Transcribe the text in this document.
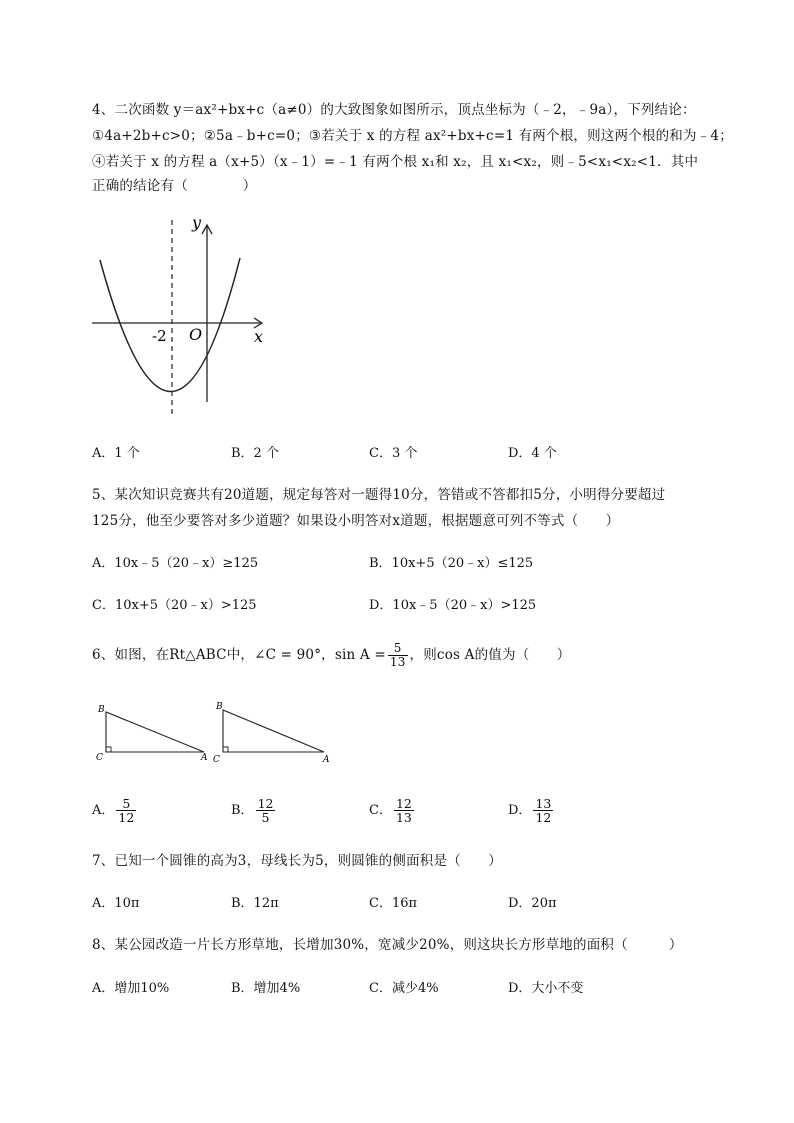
4、二次函数 y＝ax²+bx+c（a≠0）的大致图象如图所示，顶点坐标为（﹣2，﹣9a），下列结论：
①4a+2b+c>0；②5a﹣b+c=0；③若关于 x 的方程 ax²+bx+c=1 有两个根，则这两个根的和为﹣4；
④若关于 x 的方程 a（x+5）（x﹣1）=﹣1 有两个根 x₁和 x₂，且 x₁<x₂，则﹣5<x₁<x₂<1．其中
正确的结论有（　　　　）
y
x
O
-2
A．1 个	B．2 个	C．3 个	D．4 个
5、某次知识竞赛共有20道题，规定每答对一题得10分，答错或不答都扣5分，小明得分要超过
125分，他至少要答对多少道题？如果设小明答对x道题，根据题意可列不等式（　　）
A．10x﹣5（20﹣x）≥125	B．10x+5（20﹣x）≤125
C．10x+5（20﹣x）>125	D．10x﹣5（20﹣x）>125
6、如图，在Rt△ABC中，∠C = 90°，$\sin A = \frac{5}{13}$ ，则cos A的值为（　　）
B
C	A
B
C	A
A． $\frac{5}{12}$	B． $\frac{12}{5}$	C． $\frac{12}{13}$	D． $\frac{13}{12}$
7、已知一个圆锥的高为3，母线长为5，则圆锥的侧面积是（　　）
A．10π	B．12π	C．16π	D．20π
8、某公园改造一片长方形草地，长增加30%，宽减少20%，则这块长方形草地的面积（　　　）
A．增加10%	B．增加4%	C．减少4%	D．大小不变
